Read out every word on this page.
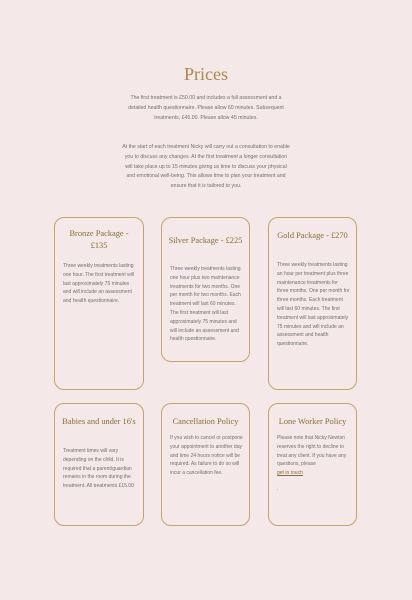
Prices

The first treatment is £50.00 and includes a full assessment and a detailed health questionnaire. Please allow 60 minutes. Subsequent treatments, £45.00. Please allow 45 minutes.

At the start of each treatment Nicky will carry out a consultation to enable you to discuss any changes. At the first treatment a longer consultation will take place up to 15 minutes giving us time to discuss your physical and emotional well-being. This allows time to plan your treatment and ensure that it is tailored to you.

Bronze Package - £135

Three weekly treatments lasting one hour. The first treatment will last approximately 75 minutes and will include an assessment and health questionnaire.

Silver Package - £225

Three weekly treatments lasting one hour plus two maintenance treatments for two months. One per month for two months. Each treatment will last 60 minutes. The first treatment will last approximately 75 minutes and will include an assessment and health questionnaire.

Gold Package - £270

Three weekly treatments lasting an hour per treatment plus three maintenance treatments for three months. One per month for three months. Each treatment will last 60 minutes. The first treatment will last approximately 75 minutes and will include an assessment and health questionnaire.

Babies and under 16's

Treatment times will vary depending on the child. It is required that a parent/guardian remains in the room during the treatment. All treatments £15.00

Cancellation Policy

If you wish to cancel or postpone your appointment to another day and time 24 hours notice will be required. As failure to do so will incur a cancellation fee.

Lone Worker Policy

Please note that Nicky Newton reserves the right to decline to treat any client. If you have any questions, please

get in touch

.
